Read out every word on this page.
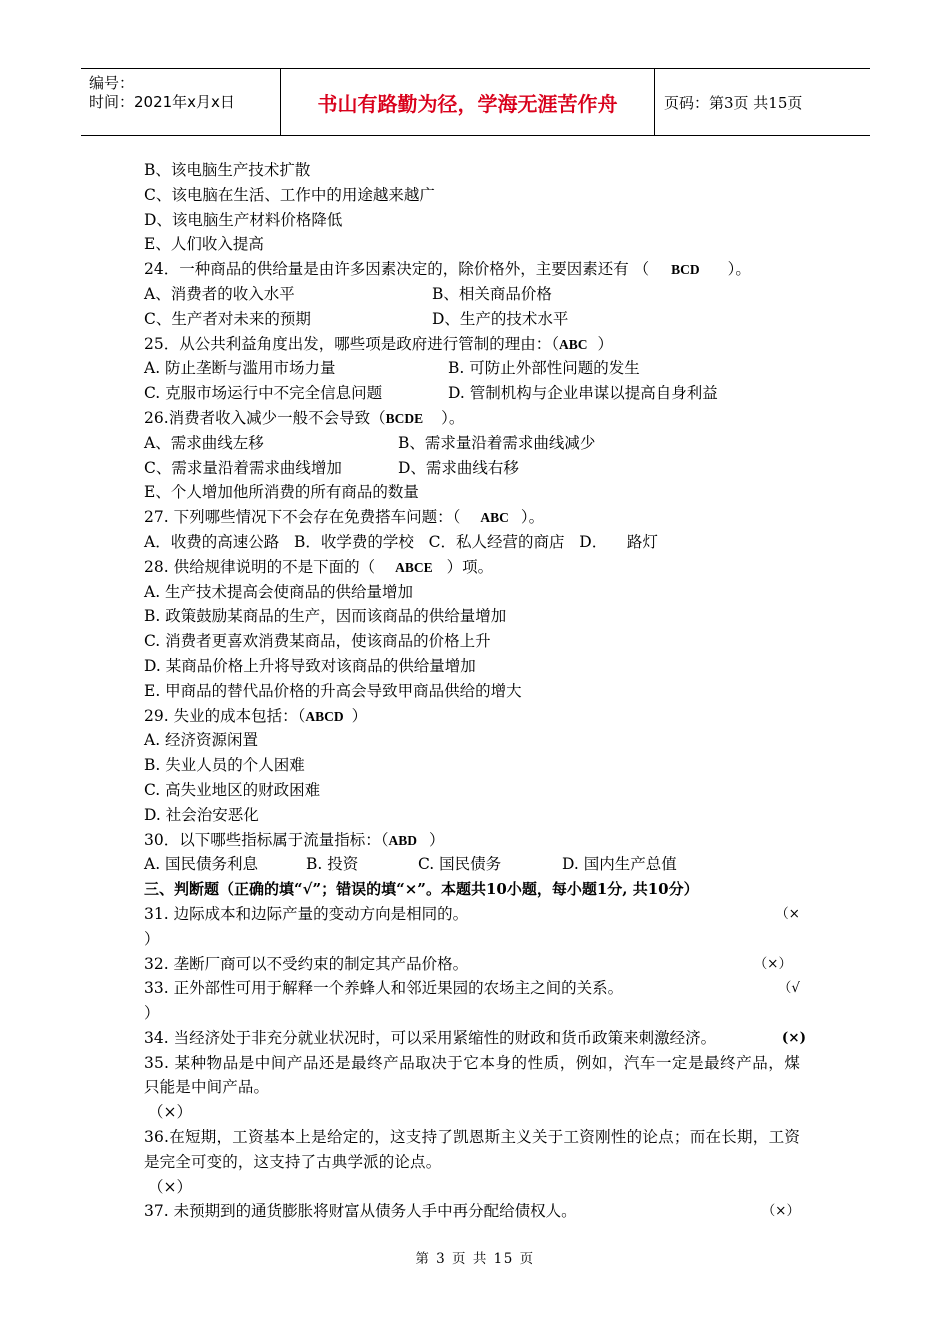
编号：
时间：2021年x月x日	书山有路勤为径，学海无涯苦作舟	页码：第3页 共15页
B、该电脑生产技术扩散
C、该电脑在生活、工作中的用途越来越广
D、该电脑生产材料价格降低
E、人们收入提高
24．一种商品的供给量是由许多因素决定的，除价格外，主要因素还有 （ BCD ）。
A、消费者的收入水平	B、相关商品价格
C、生产者对未来的预期	D、生产的技术水平
25．从公共利益角度出发，哪些项是政府进行管制的理由：（ABC ）
A. 防止垄断与滥用市场力量	B. 可防止外部性问题的发生
C. 克服市场运行中不完全信息问题	D. 管制机构与企业串谋以提高自身利益
26.消费者收入减少一般不会导致（BCDE ）。
A、需求曲线左移	B、需求量沿着需求曲线减少
C、需求量沿着需求曲线增加	D、需求曲线右移
E、个人增加他所消费的所有商品的数量
27. 下列哪些情况下不会存在免费搭车问题：（ ABC ）。
A．收费的高速公路   B．收学费的学校   C．私人经营的商店   D．    路灯
28. 供给规律说明的不是下面的（ ABCE ）项。
A. 生产技术提高会使商品的供给量增加
B. 政策鼓励某商品的生产，因而该商品的供给量增加
C. 消费者更喜欢消费某商品，使该商品的价格上升
D. 某商品价格上升将导致对该商品的供给量增加
E. 甲商品的替代品价格的升高会导致甲商品供给的增大
29. 失业的成本包括：（ABCD ）
A. 经济资源闲置
B. 失业人员的个人困难
C. 高失业地区的财政困难
D. 社会治安恶化
30．以下哪些指标属于流量指标：（ABD ）
A. 国民债务利息	B. 投资	C. 国民债务	D. 国内生产总值
三、判断题（正确的填“√”；错误的填“×”。本题共10小题，每小题1分, 共10分）
31. 边际成本和边际产量的变动方向是相同的。	（×
）
32. 垄断厂商可以不受约束的制定其产品价格。	（×）
33. 正外部性可用于解释一个养蜂人和邻近果园的农场主之间的关系。	（√
）
34. 当经济处于非充分就业状况时，可以采用紧缩性的财政和货币政策来刺激经济。	(×)
35. 某种物品是中间产品还是最终产品取决于它本身的性质，例如，汽车一定是最终产品，煤只能是中间产品。
（×）
36.在短期，工资基本上是给定的，这支持了凯恩斯主义关于工资刚性的论点；而在长期，工资是完全可变的，这支持了古典学派的论点。
（×）
37. 未预期到的通货膨胀将财富从债务人手中再分配给债权人。	（×）
第 3 页 共 15 页
